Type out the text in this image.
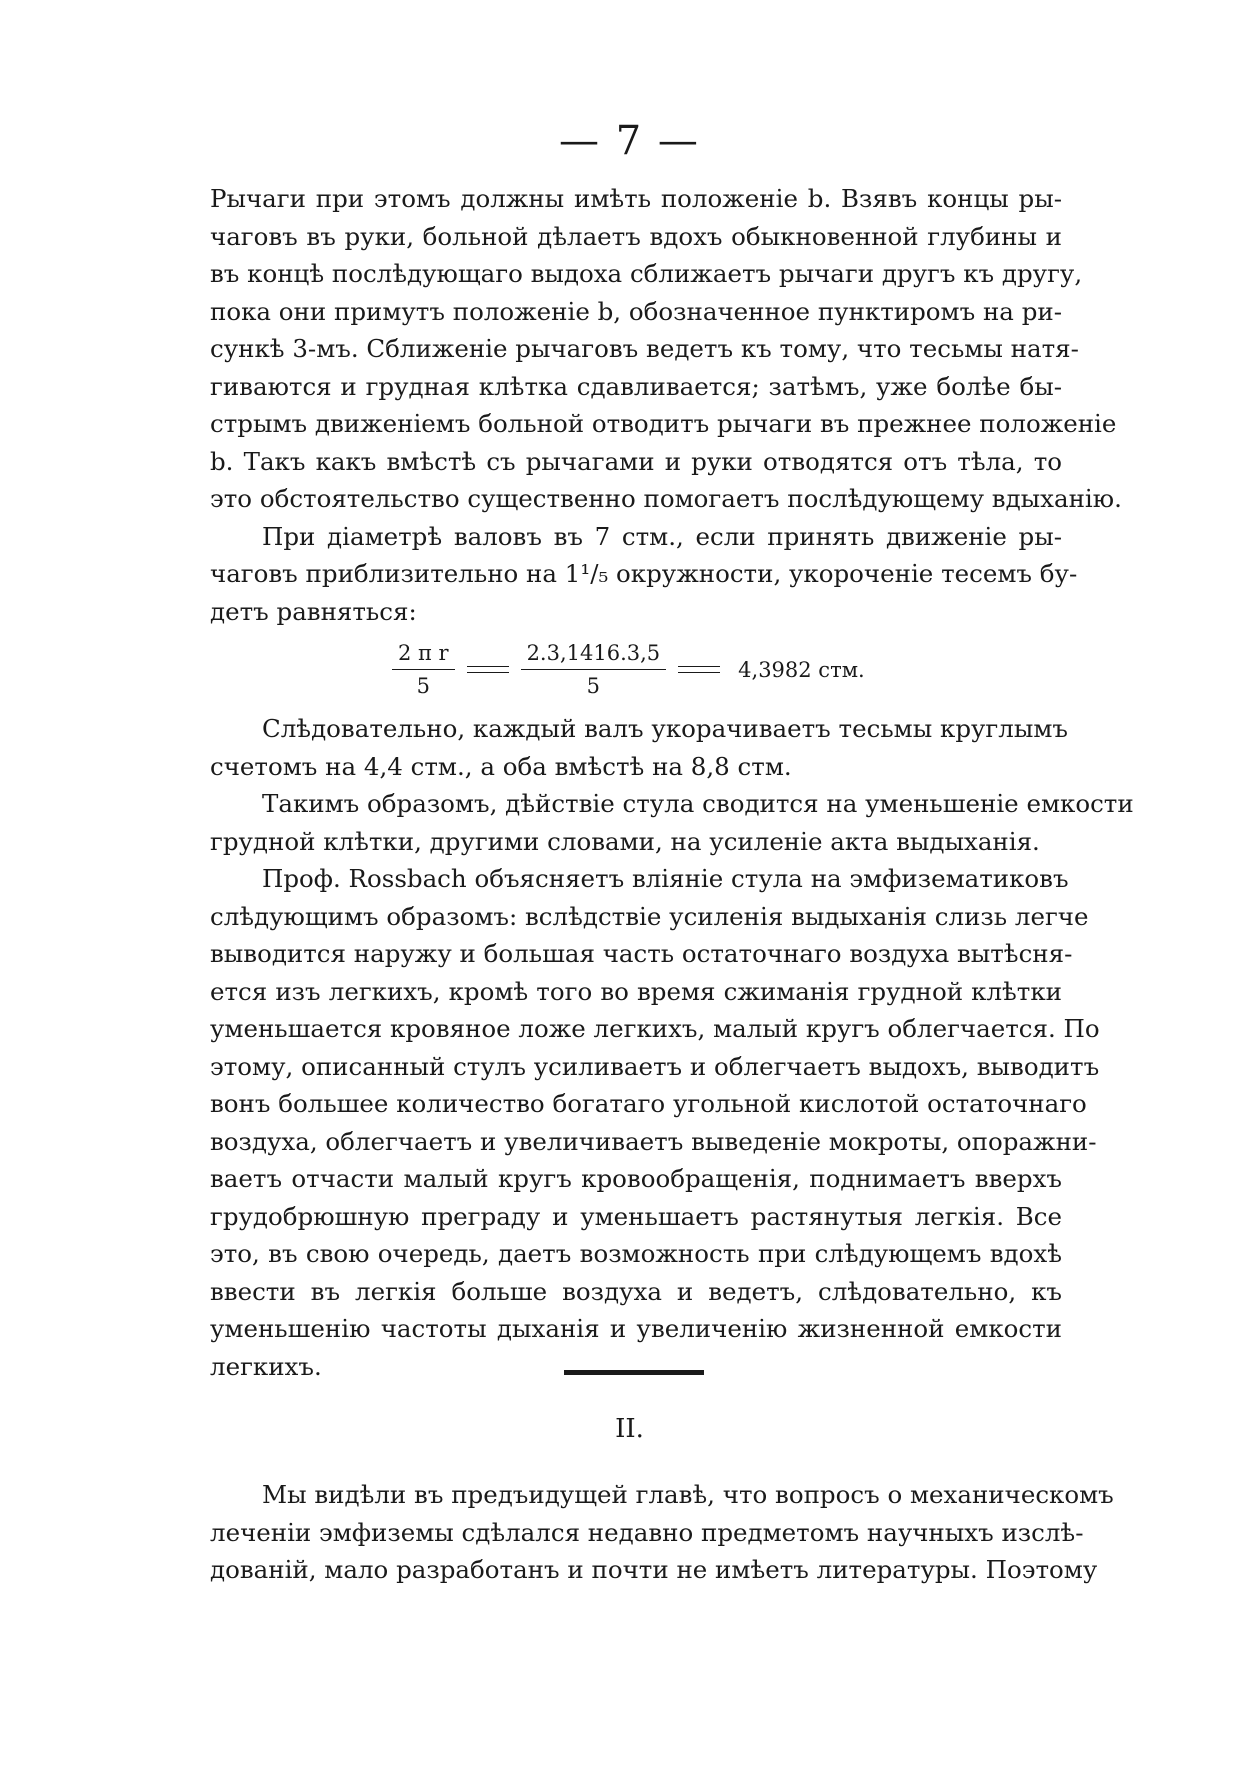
— 7 —
Рычаги при этомъ должны имѣть положенiе b. Взявъ концы ры-
чаговъ въ руки, больной дѣлаетъ вдохъ обыкновенной глубины и
въ концѣ послѣдующаго выдоха сближаетъ рычаги другъ къ другу,
пока они примутъ положенiе b, обозначенное пунктиромъ на ри-
сункѣ 3-мъ. Сближенiе рычаговъ ведетъ къ тому, что тесьмы натя-
гиваются и грудная клѣтка сдавливается; затѣмъ, уже болѣе бы-
стрымъ движенiемъ больной отводитъ рычаги въ прежнее положенiе
b. Такъ какъ вмѣстѣ съ рычагами и руки отводятся отъ тѣла, то
это обстоятельство существенно помогаетъ послѣдующему вдыханiю.
При дiаметрѣ валовъ въ 7 стм., если принять движенiе ры-
чаговъ приблизительно на 1¹/₅ окружности, укороченiе тесемъ бу-
детъ равняться:
$\frac{\text{2 π r}}{5}$	$\frac{2.3,1416.3,5}{5}$	4,3982 стм.
Слѣдовательно, каждый валъ укорачиваетъ тесьмы круглымъ
счетомъ на 4,4 стм., а оба вмѣстѣ на 8,8 стм.
Такимъ образомъ, дѣйствiе стула сводится на уменьшенiе емкости
грудной клѣтки, другими словами, на усиленiе акта выдыханiя.
Проф. Rossbach объясняетъ влiянiе стула на эмфизематиковъ
слѣдующимъ образомъ: вслѣдствiе усиленiя выдыханiя слизь легче
выводится наружу и большая часть остаточнаго воздуха вытѣсня-
ется изъ легкихъ, кромѣ того во время сжиманiя грудной клѣтки
уменьшается кровяное ложе легкихъ, малый кругъ облегчается. По
этому, описанный стулъ усиливаетъ и облегчаетъ выдохъ, выводитъ
вонъ большее количество богатаго угольной кислотой остаточнаго
воздуха, облегчаетъ и увеличиваетъ выведенiе мокроты, опоражни-
ваетъ отчасти малый кругъ кровообращенiя, поднимаетъ вверхъ
грудобрюшную преграду и уменьшаетъ растянутыя легкiя. Все
это, въ свою очередь, даетъ возможность при слѣдующемъ вдохѣ
ввести въ легкiя больше воздуха и ведетъ, слѣдовательно, къ
уменьшенiю частоты дыханiя и увеличенiю жизненной емкости
легкихъ.
II.
Мы видѣли въ предъидущей главѣ, что вопросъ о механическомъ
леченiи эмфиземы сдѣлался недавно предметомъ научныхъ изслѣ-
дованiй, мало разработанъ и почти не имѣетъ литературы. Поэтому
